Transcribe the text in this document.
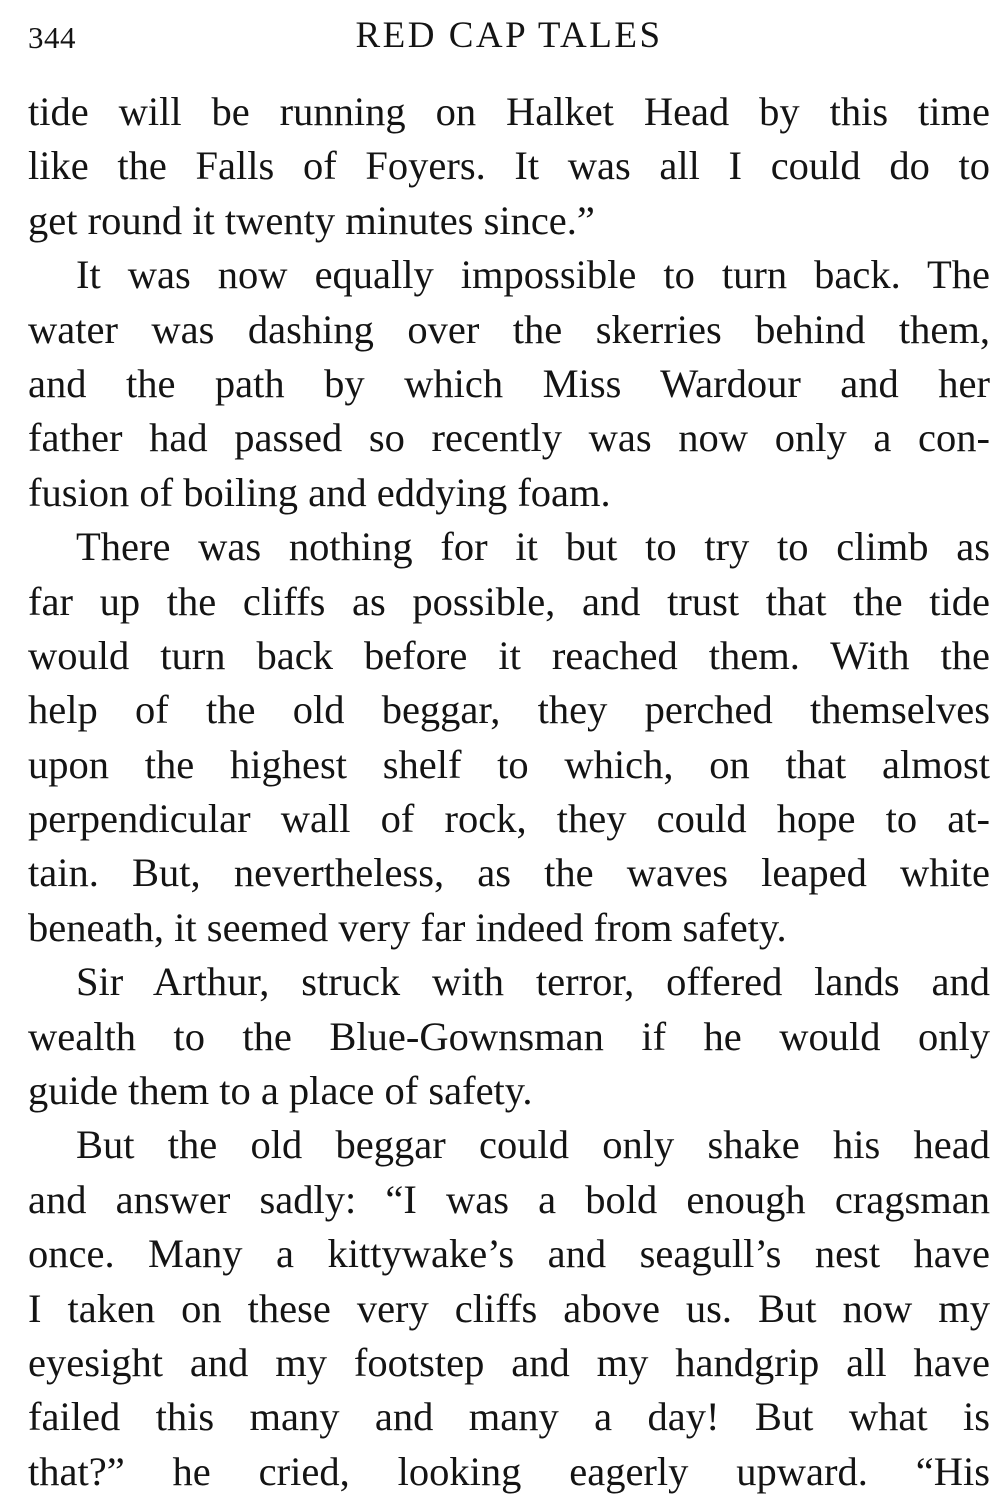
344	RED CAP TALES
tide will be running on Halket Head by this time
like the Falls of Foyers. It was all I could do to
get round it twenty minutes since.”
It was now equally impossible to turn back. The
water was dashing over the skerries behind them,
and the path by which Miss Wardour and her
father had passed so recently was now only a con-
fusion of boiling and eddying foam.
There was nothing for it but to try to climb as
far up the cliffs as possible, and trust that the tide
would turn back before it reached them. With the
help of the old beggar, they perched themselves
upon the highest shelf to which, on that almost
perpendicular wall of rock, they could hope to at-
tain. But, nevertheless, as the waves leaped white
beneath, it seemed very far indeed from safety.
Sir Arthur, struck with terror, offered lands and
wealth to the Blue-Gownsman if he would only
guide them to a place of safety.
But the old beggar could only shake his head
and answer sadly: “I was a bold enough cragsman
once. Many a kittywake’s and seagull’s nest have
I taken on these very cliffs above us. But now my
eyesight and my footstep and my handgrip all have
failed this many and many a day! But what is
that?” he cried, looking eagerly upward. “His
